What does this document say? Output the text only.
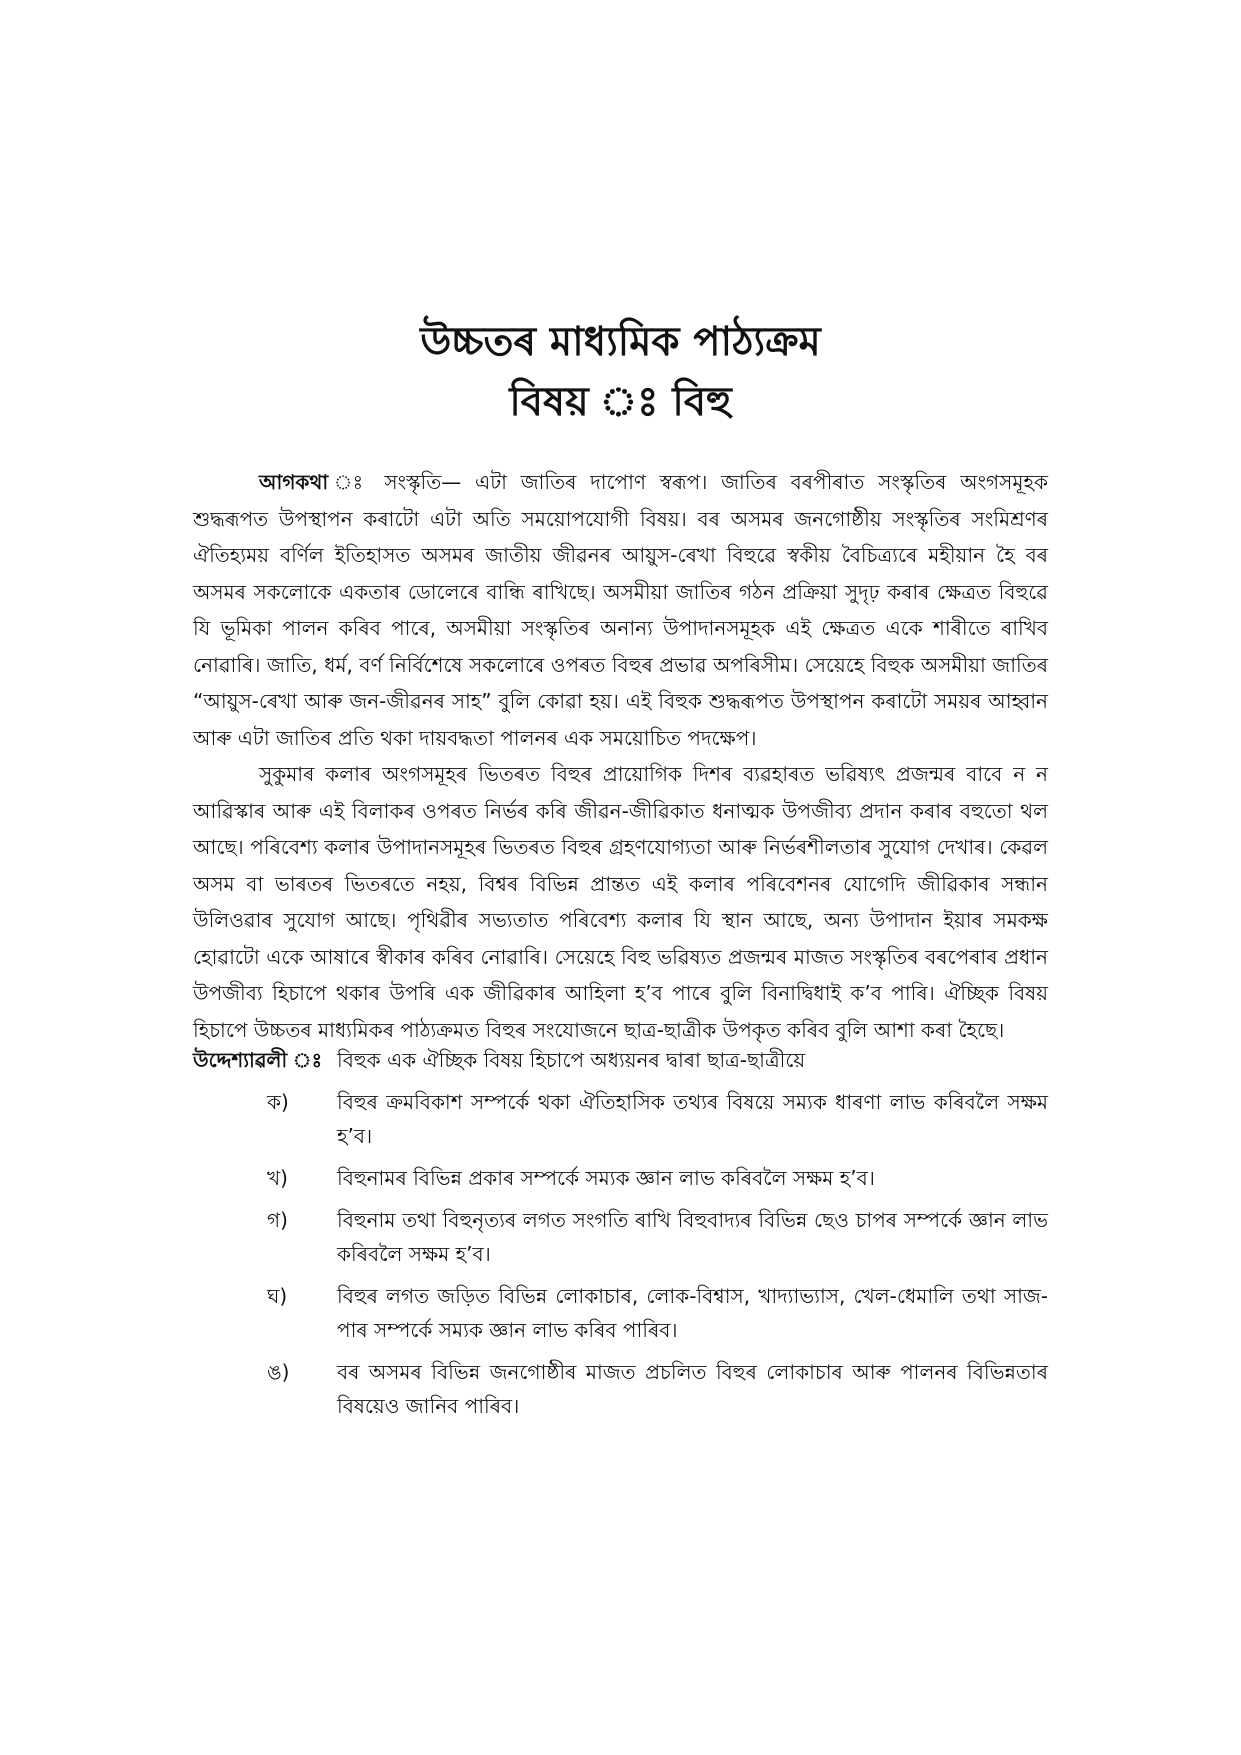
উচ্চতৰ মাধ্যমিক পাঠ্যক্ৰম
বিষয় ঃ বিহু

আগকথা ঃ সংস্কৃতি— এটা জাতিৰ দাপোণ স্বৰূপ। জাতিৰ বৰপীৰাত সংস্কৃতিৰ অংগসমূহক শুদ্ধৰূপত উপস্থাপন কৰাটো এটা অতি সময়োপযোগী বিষয়। বৰ অসমৰ জনগোষ্ঠীয় সংস্কৃতিৰ সংমিশ্ৰণৰ ঐতিহ্যময় বৰ্ণিল ইতিহাসত অসমৰ জাতীয় জীৱনৰ আয়ুস-ৰেখা বিহুৱে স্বকীয় বৈচিত্ৰ্যৰে মহীয়ান হৈ বৰ অসমৰ সকলোকে একতাৰ ডোলেৰে বান্ধি ৰাখিছে। অসমীয়া জাতিৰ গঠন প্ৰক্ৰিয়া সুদৃঢ় কৰাৰ ক্ষেত্ৰত বিহুৱে যি ভূমিকা পালন কৰিব পাৰে, অসমীয়া সংস্কৃতিৰ অনান্য উপাদানসমূহক এই ক্ষেত্ৰত একে শাৰীতে ৰাখিব নোৱাৰি। জাতি, ধৰ্ম, বৰ্ণ নিৰ্বিশেষে সকলোৰে ওপৰত বিহুৰ প্ৰভাৱ অপৰিসীম। সেয়েহে বিহুক অসমীয়া জাতিৰ “আয়ুস-ৰেখা আৰু জন-জীৱনৰ সাহ” বুলি কোৱা হয়। এই বিহুক শুদ্ধৰূপত উপস্থাপন কৰাটো সময়ৰ আহ্বান আৰু এটা জাতিৰ প্ৰতি থকা দায়বদ্ধতা পালনৰ এক সময়োচিত পদক্ষেপ।

সুকুমাৰ কলাৰ অংগসমূহৰ ভিতৰত বিহুৰ প্ৰায়োগিক দিশৰ ব্যৱহাৰত ভৱিষ্যৎ প্ৰজন্মৰ বাবে ন ন আৱিস্কাৰ আৰু এই বিলাকৰ ওপৰত নিৰ্ভৰ কৰি জীৱন-জীৱিকাত ধনাত্মক উপজীব্য প্ৰদান কৰাৰ বহুতো থল আছে। পৰিবেশ্য কলাৰ উপাদানসমূহৰ ভিতৰত বিহুৰ গ্ৰহণযোগ্যতা আৰু নিৰ্ভৰশীলতাৰ সুযোগ দেখাৰ। কেৱল অসম বা ভাৰতৰ ভিতৰতে নহয়, বিশ্বৰ বিভিন্ন প্ৰান্তত এই কলাৰ পৰিবেশনৰ যোগেদি জীৱিকাৰ সন্ধান উলিওৱাৰ সুযোগ আছে। পৃথিৱীৰ সভ্যতাত পৰিবেশ্য কলাৰ যি স্থান আছে, অন্য উপাদান ইয়াৰ সমকক্ষ হোৱাটো একে আষাৰে স্বীকাৰ কৰিব নোৱাৰি। সেয়েহে বিহু ভৱিষ্যত প্ৰজন্মৰ মাজত সংস্কৃতিৰ বৰপেৰাৰ প্ৰধান উপজীব্য হিচাপে থকাৰ উপৰি এক জীৱিকাৰ আহিলা হ’ব পাৰে বুলি বিনাদ্বিধাই ক’ব পাৰি। ঐচ্ছিক বিষয় হিচাপে উচ্চতৰ মাধ্যমিকৰ পাঠ্যক্ৰমত বিহুৰ সংযোজনে ছাত্ৰ-ছাত্ৰীক উপকৃত কৰিব বুলি আশা কৰা হৈছে।

উদ্দেশ্যাৱলী ঃ বিহুক এক ঐচ্ছিক বিষয় হিচাপে অধ্যয়নৰ দ্বাৰা ছাত্ৰ-ছাত্ৰীয়ে
ক)	বিহুৰ ক্ৰমবিকাশ সম্পৰ্কে থকা ঐতিহাসিক তথ্যৰ বিষয়ে সম্যক ধাৰণা লাভ কৰিবলৈ সক্ষম হ’ব।
খ)	বিহুনামৰ বিভিন্ন প্ৰকাৰ সম্পৰ্কে সম্যক জ্ঞান লাভ কৰিবলৈ সক্ষম হ’ব।
গ)	বিহুনাম তথা বিহুনৃত্যৰ লগত সংগতি ৰাখি বিহুবাদ্যৰ বিভিন্ন ছেও চাপৰ সম্পৰ্কে জ্ঞান লাভ কৰিবলৈ সক্ষম হ’ব।
ঘ)	বিহুৰ লগত জড়িত বিভিন্ন লোকাচাৰ, লোক-বিশ্বাস, খাদ্যাভ্যাস, খেল-ধেমালি তথা সাজ-পাৰ সম্পৰ্কে সম্যক জ্ঞান লাভ কৰিব পাৰিব।
ঙ)	বৰ অসমৰ বিভিন্ন জনগোষ্ঠীৰ মাজত প্ৰচলিত বিহুৰ লোকাচাৰ আৰু পালনৰ বিভিন্নতাৰ বিষয়েও জানিব পাৰিব।
